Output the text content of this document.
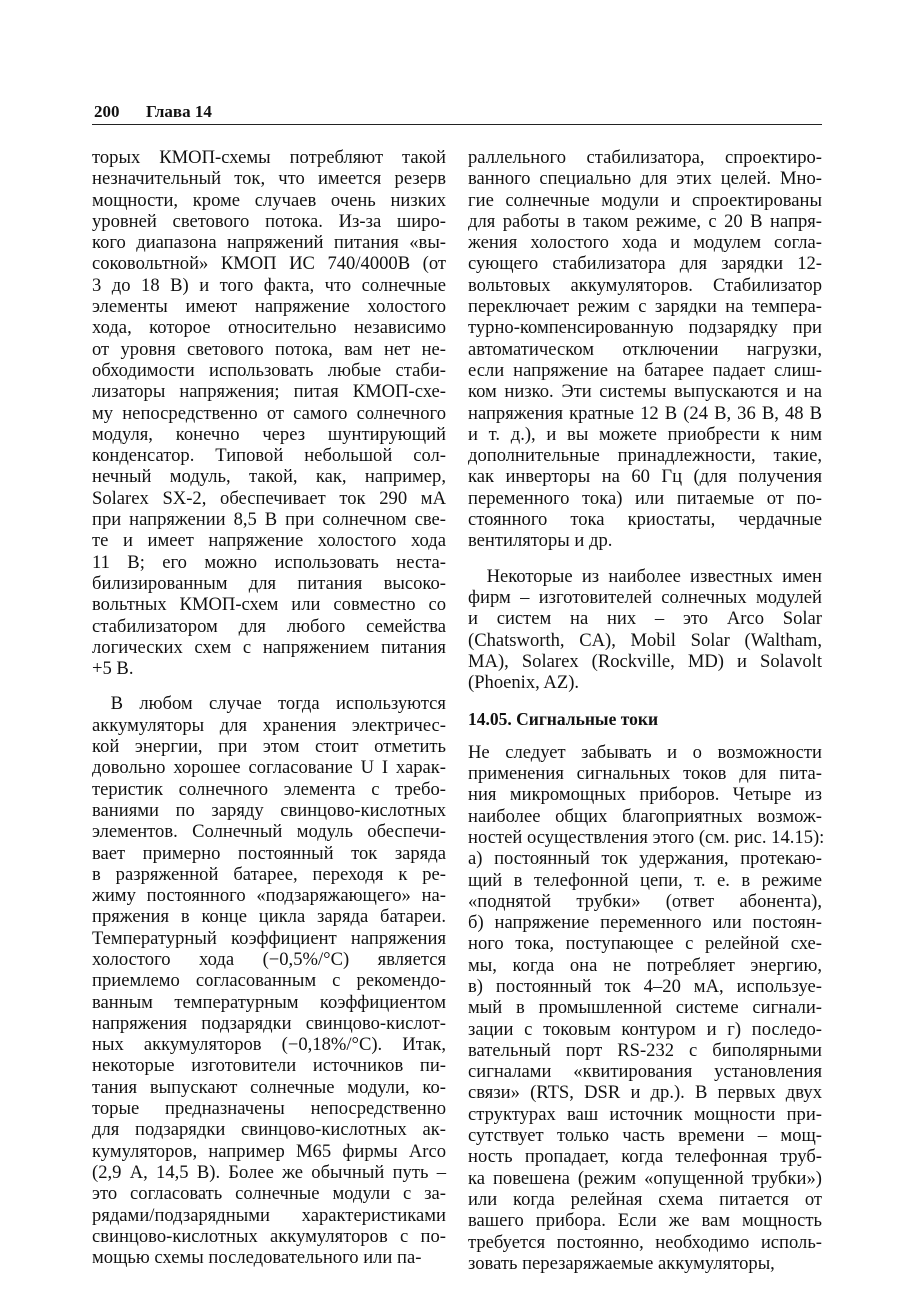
200 Глава 14
торых КМОП-схемы потребляют такой
незначительный ток, что имеется резерв
мощности, кроме случаев очень низких
уровней светового потока. Из-за широ-
кого диапазона напряжений питания «вы-
соковольтной» КМОП ИС 740/4000В (от
3 до 18 В) и того факта, что солнечные
элементы имеют напряжение холостого
хода, которое относительно независимо
от уровня светового потока, вам нет не-
обходимости использовать любые стаби-
лизаторы напряжения; питая КМОП-схе-
му непосредственно от самого солнечного
модуля, конечно через шунтирующий
конденсатор. Типовой небольшой сол-
нечный модуль, такой, как, например,
Solarex SX-2, обеспечивает ток 290 мА
при напряжении 8,5 В при солнечном све-
те и имеет напряжение холостого хода
11 В; его можно использовать неста-
билизированным для питания высоко-
вольтных КМОП-схем или совместно со
стабилизатором для любого семейства
логических схем с напряжением питания
+5 В.
 В любом случае тогда используются
аккумуляторы для хранения электричес-
кой энергии, при этом стоит отметить
довольно хорошее согласование U I харак-
теристик солнечного элемента с требо-
ваниями по заряду свинцово-кислотных
элементов. Солнечный модуль обеспечи-
вает примерно постоянный ток заряда
в разряженной батарее, переходя к ре-
жиму постоянного «подзаряжающего» на-
пряжения в конце цикла заряда батареи.
Температурный коэффициент напряжения
холостого хода (−0,5%/°С) является
приемлемо согласованным с рекомендо-
ванным температурным коэффициентом
напряжения подзарядки свинцово-кислот-
ных аккумуляторов (−0,18%/°С). Итак,
некоторые изготовители источников пи-
тания выпускают солнечные модули, ко-
торые предназначены непосредственно
для подзарядки свинцово-кислотных ак-
кумуляторов, например М65 фирмы Arco
(2,9 А, 14,5 В). Более же обычный путь –
это согласовать солнечные модули с за-
рядами/подзарядными характеристиками
свинцово-кислотных аккумуляторов с по-
мощью схемы последовательного или па-
раллельного стабилизатора, спроектиро-
ванного специально для этих целей. Мно-
гие солнечные модули и спроектированы
для работы в таком режиме, с 20 В напря-
жения холостого хода и модулем согла-
сующего стабилизатора для зарядки 12-
вольтовых аккумуляторов. Стабилизатор
переключает режим с зарядки на темпера-
турно-компенсированную подзарядку при
автоматическом отключении нагрузки,
если напряжение на батарее падает слиш-
ком низко. Эти системы выпускаются и на
напряжения кратные 12 В (24 В, 36 В, 48 В
и т. д.), и вы можете приобрести к ним
дополнительные принадлежности, такие,
как инверторы на 60 Гц (для получения
переменного тока) или питаемые от по-
стоянного тока криостаты, чердачные
вентиляторы и др.
 Некоторые из наиболее известных имен
фирм – изготовителей солнечных модулей
и систем на них – это Arco Solar
(Chatsworth, CA), Mobil Solar (Waltham,
MA), Solarex (Rockville, MD) и Solavolt
(Phoenix, AZ).
14.05. Сигнальные токи
Не следует забывать и о возможности
применения сигнальных токов для пита-
ния микромощных приборов. Четыре из
наиболее общих благоприятных возмож-
ностей осуществления этого (см. рис. 14.15):
а) постоянный ток удержания, протекаю-
щий в телефонной цепи, т. е. в режиме
«поднятой трубки» (ответ абонента),
б) напряжение переменного или постоян-
ного тока, поступающее с релейной схе-
мы, когда она не потребляет энергию,
в) постоянный ток 4–20 мА, используе-
мый в промышленной системе сигнали-
зации с токовым контуром и г) последо-
вательный порт RS-232 с биполярными
сигналами «квитирования установления
связи» (RTS, DSR и др.). В первых двух
структурах ваш источник мощности при-
сутствует только часть времени – мощ-
ность пропадает, когда телефонная труб-
ка повешена (режим «опущенной трубки»)
или когда релейная схема питается от
вашего прибора. Если же вам мощность
требуется постоянно, необходимо исполь-
зовать перезаряжаемые аккумуляторы,
